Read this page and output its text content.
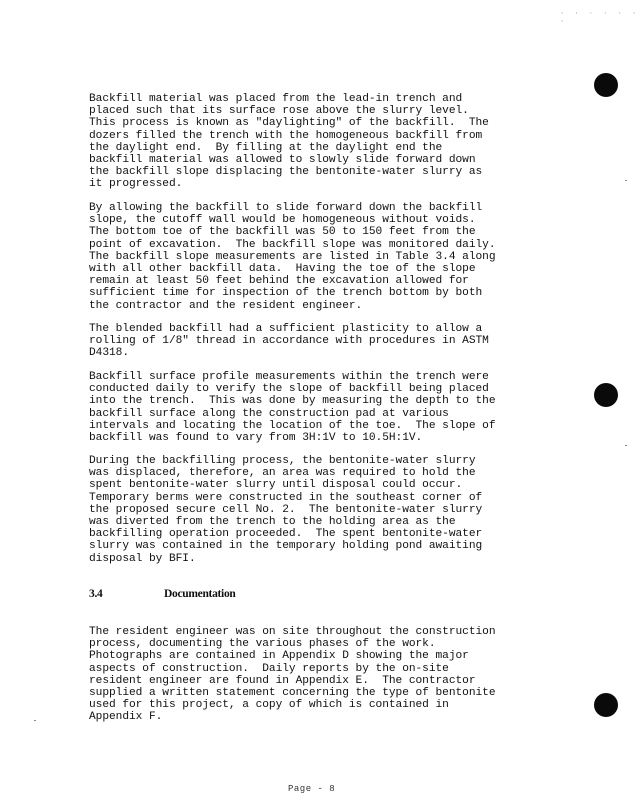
· · · · · · ·

Backfill material was placed from the lead-in trench and
placed such that its surface rose above the slurry level.
This process is known as "daylighting" of the backfill.  The
dozers filled the trench with the homogeneous backfill from
the daylight end.  By filling at the daylight end the
backfill material was allowed to slowly slide forward down
the backfill slope displacing the bentonite-water slurry as
it progressed.

By allowing the backfill to slide forward down the backfill
slope, the cutoff wall would be homogeneous without voids.
The bottom toe of the backfill was 50 to 150 feet from the
point of excavation.  The backfill slope was monitored daily.
The backfill slope measurements are listed in Table 3.4 along
with all other backfill data.  Having the toe of the slope
remain at least 50 feet behind the excavation allowed for
sufficient time for inspection of the trench bottom by both
the contractor and the resident engineer.

The blended backfill had a sufficient plasticity to allow a
rolling of 1/8" thread in accordance with procedures in ASTM
D4318.

Backfill surface profile measurements within the trench were
conducted daily to verify the slope of backfill being placed
into the trench.  This was done by measuring the depth to the
backfill surface along the construction pad at various
intervals and locating the location of the toe.  The slope of
backfill was found to vary from 3H:1V to 10.5H:1V.

During the backfilling process, the bentonite-water slurry
was displaced, therefore, an area was required to hold the
spent bentonite-water slurry until disposal could occur.
Temporary berms were constructed in the southeast corner of
the proposed secure cell No. 2.  The bentonite-water slurry
was diverted from the trench to the holding area as the
backfilling operation proceeded.  The spent bentonite-water
slurry was contained in the temporary holding pond awaiting
disposal by BFI.

3.4	Documentation

The resident engineer was on site throughout the construction
process, documenting the various phases of the work.
Photographs are contained in Appendix D showing the major
aspects of construction.  Daily reports by the on-site
resident engineer are found in Appendix E.  The contractor
supplied a written statement concerning the type of bentonite
used for this project, a copy of which is contained in
Appendix F.

Page - 8
